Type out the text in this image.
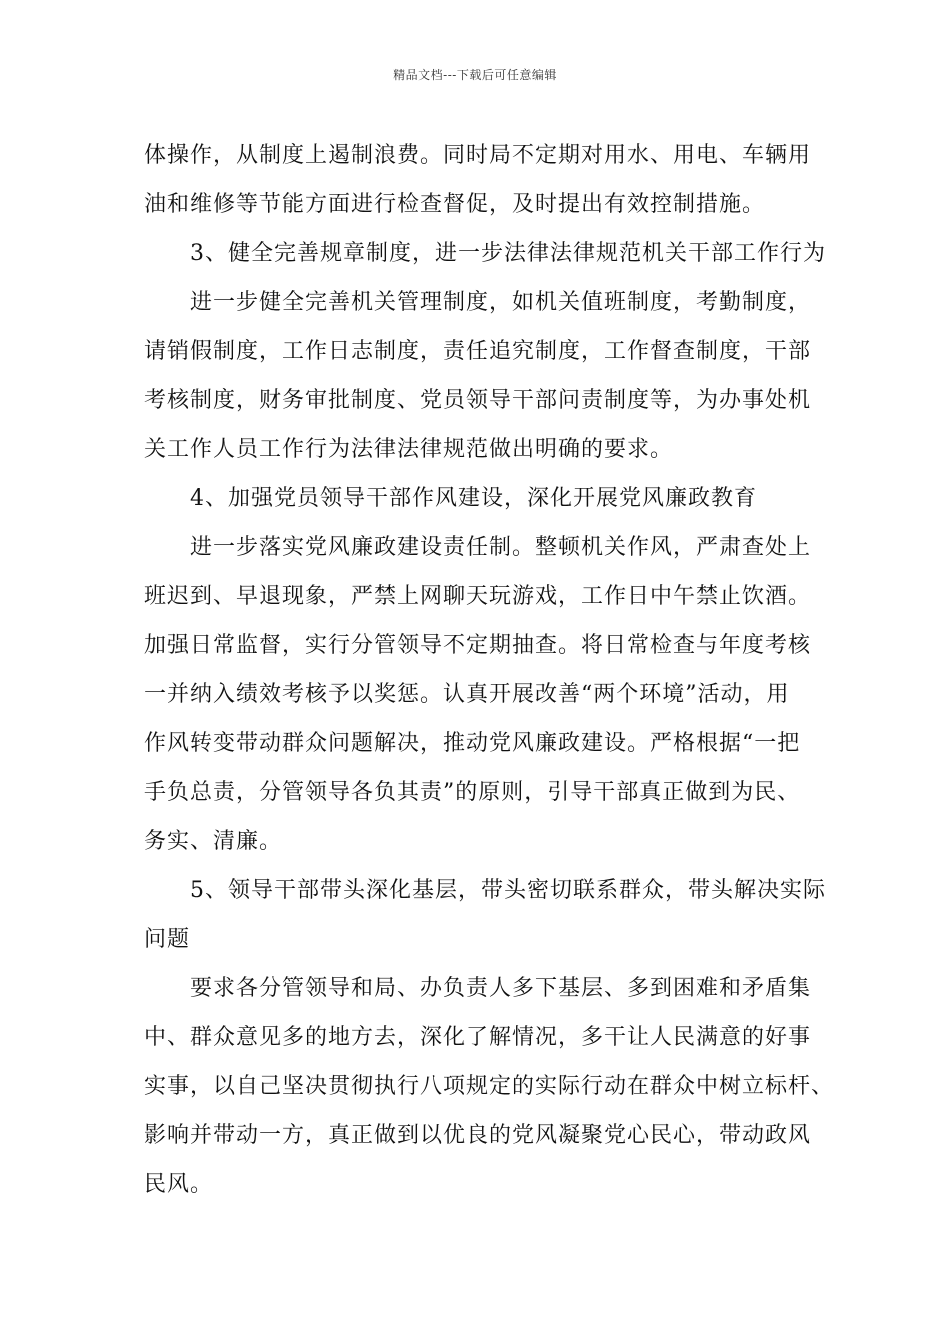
精品文档---下载后可任意编辑
体操作，从制度上遏制浪费。同时局不定期对用水、用电、车辆用
油和维修等节能方面进行检查督促，及时提出有效控制措施。
3、健全完善规章制度，进一步法律法律规范机关干部工作行为
进一步健全完善机关管理制度，如机关值班制度，考勤制度，
请销假制度，工作日志制度，责任追究制度，工作督查制度，干部
考核制度，财务审批制度、党员领导干部问责制度等，为办事处机
关工作人员工作行为法律法律规范做出明确的要求。
4、加强党员领导干部作风建设，深化开展党风廉政教育
进一步落实党风廉政建设责任制。整顿机关作风，严肃查处上
班迟到、早退现象，严禁上网聊天玩游戏，工作日中午禁止饮酒。
加强日常监督，实行分管领导不定期抽查。将日常检查与年度考核
一并纳入绩效考核予以奖惩。认真开展改善“两个环境”活动，用
作风转变带动群众问题解决，推动党风廉政建设。严格根据“一把
手负总责，分管领导各负其责”的原则，引导干部真正做到为民、
务实、清廉。
5、领导干部带头深化基层，带头密切联系群众，带头解决实际
问题
要求各分管领导和局、办负责人多下基层、多到困难和矛盾集
中、群众意见多的地方去，深化了解情况，多干让人民满意的好事
实事，以自己坚决贯彻执行八项规定的实际行动在群众中树立标杆、
影响并带动一方，真正做到以优良的党风凝聚党心民心，带动政风
民风。
